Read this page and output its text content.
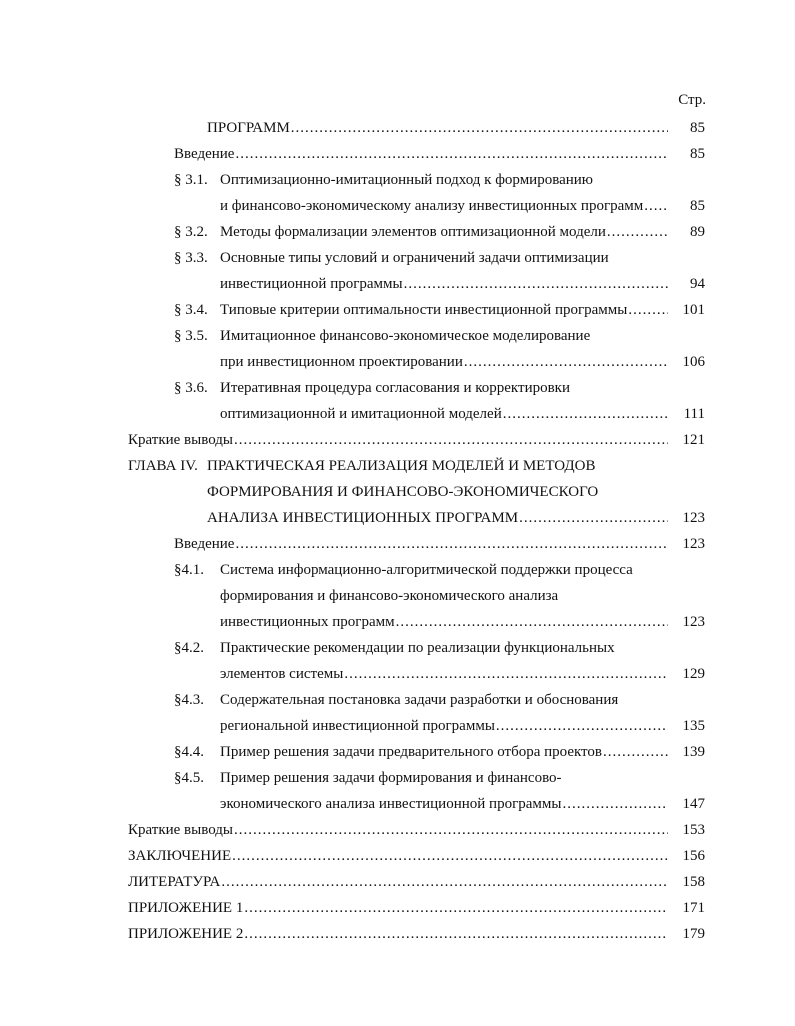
Стр.
ПРОГРАММ .....	85
Введение .....	85
§ 3.1. Оптимизационно-имитационный подход к формированию
и финансово-экономическому анализу инвестиционных программ .....	85
§ 3.2. Методы формализации элементов оптимизационной модели .....	89
§ 3.3. Основные типы условий и ограничений задачи оптимизации
инвестиционной программы .....	94
§ 3.4. Типовые критерии оптимальности инвестиционной программы .....	101
§ 3.5. Имитационное финансово-экономическое моделирование
при инвестиционном проектировании .....	106
§ 3.6. Итеративная процедура согласования и корректировки
оптимизационной и имитационной моделей .....	111
Краткие выводы .....	121
ГЛАВА IV. ПРАКТИЧЕСКАЯ РЕАЛИЗАЦИЯ МОДЕЛЕЙ И МЕТОДОВ
ФОРМИРОВАНИЯ И ФИНАНСОВО-ЭКОНОМИЧЕСКОГО
АНАЛИЗА ИНВЕСТИЦИОННЫХ ПРОГРАММ .....	123
Введение .....	123
§4.1. Система информационно-алгоритмической поддержки процесса
формирования и финансово-экономического анализа
инвестиционных программ .....	123
§4.2. Практические рекомендации по реализации функциональных
элементов системы .....	129
§4.3. Содержательная постановка задачи разработки и обоснования
региональной инвестиционной программы .....	135
§4.4. Пример решения задачи предварительного отбора проектов .....	139
§4.5. Пример решения задачи формирования и финансово-
экономического анализа инвестиционной программы .....	147
Краткие выводы .....	153
ЗАКЛЮЧЕНИЕ .....	156
ЛИТЕРАТУРА .....	158
ПРИЛОЖЕНИЕ 1 .....	171
ПРИЛОЖЕНИЕ 2 .....	179
